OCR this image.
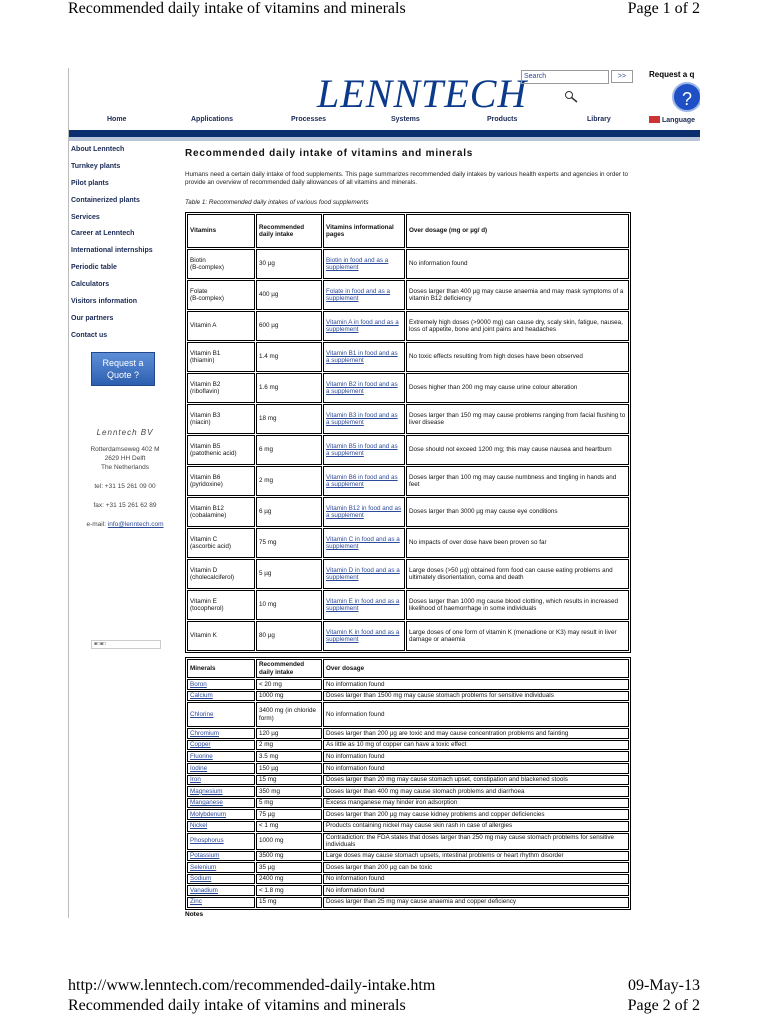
Recommended daily intake of vitamins and minerals	Page 1 of 2
LENNTECH
Search	>>	Request a q
?
Home	Applications	Processes	Systems	Products	Library	Language
About Lenntech
Turnkey plants
Pilot plants
Containerized plants
Services
Career at Lenntech
International internships
Periodic table
Calculators
Visitors information
Our partners
Contact us
Request a
Quote ?
Lenntech BV
Rotterdamseweg 402 M
2629 HH Delft
The Netherlands
tel: +31 15 261 09 00
fax: +31 15 261 62 89
e-mail: info@lenntech.com
■□■□
Recommended daily intake of vitamins and minerals

Humans need a certain daily intake of food supplements. This page summarizes recommended daily intakes by various health experts and agencies in order to provide an overview of recommended daily allowances of all vitamins and minerals.

Table 1: Recommended daily intakes of various food supplements

Vitamins	Recommended daily intake	Vitamins informational pages	Over dosage (mg or µg/ d)

Biotin
(B-complex)	30 µg	Biotin in food and as a supplement	No information found

Folate
(B-complex)	400 µg	Folate in food and as a supplement	Doses larger than 400 µg may cause anaemia and may mask symptoms of a vitamin B12 deficiency

Vitamin A	600 µg	Vitamin A in food and as a supplement	Extremely high doses (>9000 mg) can cause dry, scaly skin, fatigue, nausea, loss of appetite, bone and joint pains and headaches

Vitamin B1
(thiamin)	1.4 mg	Vitamin B1 in food and as a supplement	No toxic effects resulting from high doses have been observed

Vitamin B2
(riboflavin)	1.6 mg	Vitamin B2 in food and as a supplement	Doses higher than 200 mg may cause urine colour alteration

Vitamin B3
(niacin)	18 mg	Vitamin B3 in food and as a supplement	Doses larger than 150 mg may cause problems ranging from facial flushing to liver disease

Vitamin B5
(patothenic acid)	6 mg	Vitamin B5 in food and as a supplement	Dose should not exceed 1200 mg; this may cause nausea and heartburn

Vitamin B6
(pyridoxine)	2 mg	Vitamin B6 in food and as a supplement	Doses larger than 100 mg may cause numbness and tingling in hands and feet

Vitamin B12
(cobalamine)	6 µg	Vitamin B12 in food and as a supplement	Doses larger than 3000 µg may cause eye conditions

Vitamin C
(ascorbic acid)	75 mg	Vitamin C in food and as a supplement	No impacts of over dose have been proven so far

Vitamin D
(cholecalciferol)	5 µg	Vitamin D in food and as a supplement	Large doses (>50 µg) obtained form food can cause eating problems and ultimately disorientation, coma and death

Vitamin E
(tocopherol)	10 mg	Vitamin E in food and as a supplement	Doses larger than 1000 mg cause blood clotting, which results in increased likelihood of haemorrhage in some individuals

Vitamin K	80 µg	Vitamin K in food and as a supplement	Large doses of one form of vitamin K (menadione or K3) may result in liver damage or anaemia
Minerals	Recommended daily intake	Over dosage
Boron	< 20 mg	No information found
Calcium	1000 mg	Doses larger than 1500 mg may cause stomach problems for sensitive individuals
Chlorine	3400 mg (in chloride form)	No information found
Chromium	120 µg	Doses larger than 200 µg are toxic and may cause concentration problems and fainting
Copper	2 mg	As little as 10 mg of copper can have a toxic effect
Fluorine	3.5 mg	No information found
Iodine	150 µg	No information found
Iron	15 mg	Doses larger than 20 mg may cause stomach upset, constipation and blackened stools
Magnesium	350 mg	Doses larger than 400 mg may cause stomach problems and diarrhoea
Manganese	5 mg	Excess manganese may hinder iron adsorption
Molybdenum	75 µg	Doses larger than 200 µg may cause kidney problems and copper deficiencies
Nickel	< 1 mg	Products containing nickel may cause skin rash in case of allergies
Phosphorus	1000 mg	Contradiction: the FDA states that doses larger than 250 mg may cause stomach problems for sensitive individuals
Potassium	3500 mg	Large doses may cause stomach upsets, intestinal problems or heart rhythm disorder
Selenium	35 µg	Doses larger than 200 µg can be toxic
Sodium	2400 mg	No information found
Vanadium	< 1.8 mg	No information found
Zinc	15 mg	Doses larger than 25 mg may cause anaemia and copper deficiency
Notes
http://www.lenntech.com/recommended-daily-intake.htm	09-May-13
Recommended daily intake of vitamins and minerals	Page 2 of 2
